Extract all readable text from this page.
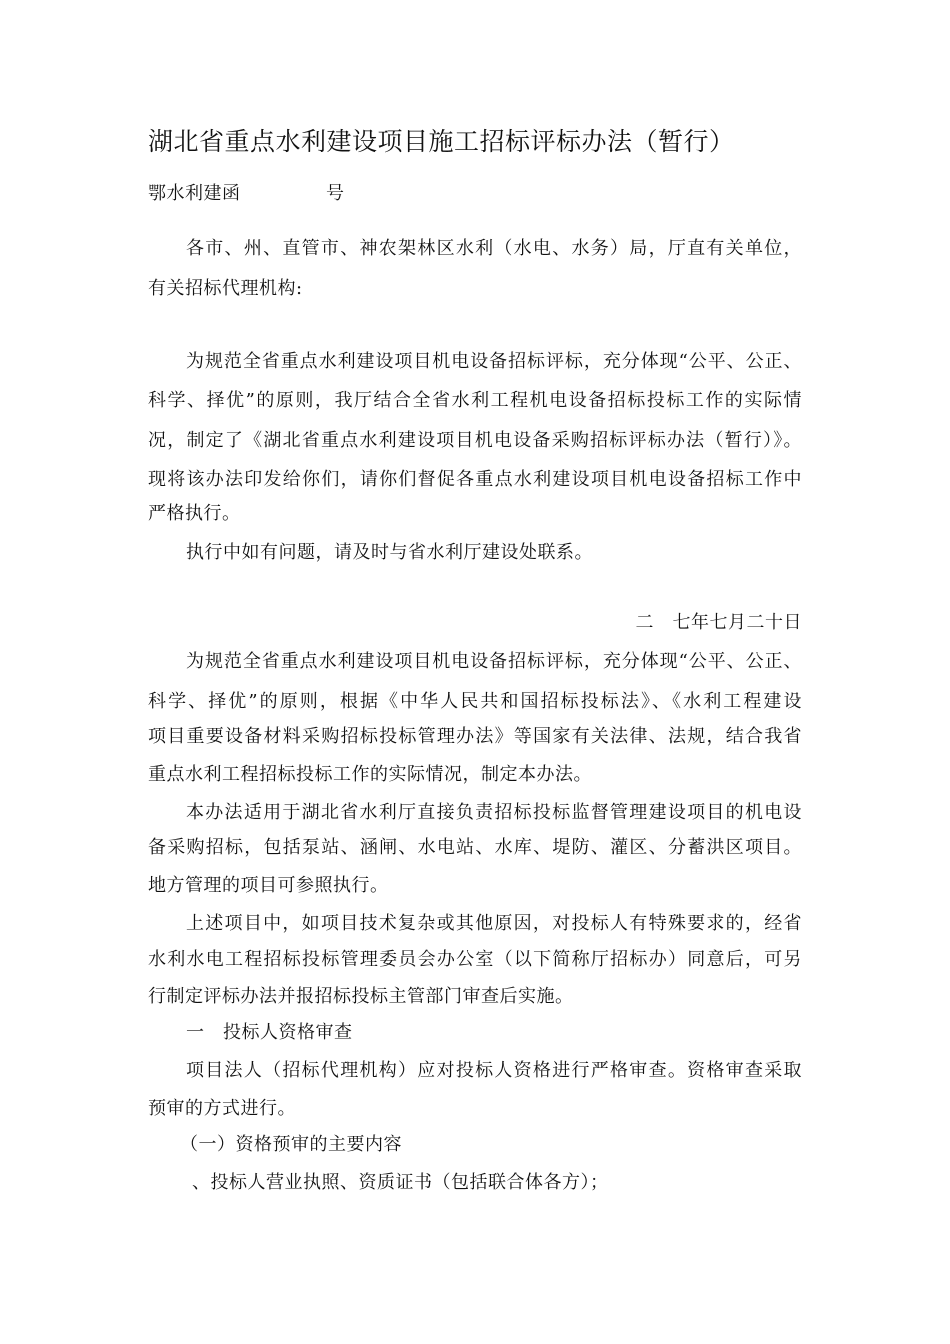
湖北省重点水利建设项目施工招标评标办法（暂行）
鄂水利建函	号

各市、州、直管市、神农架林区水利（水电、水务）局，厅直有关单位，

有关招标代理机构:

为规范全省重点水利建设项目机电设备招标评标，充分体现“公平、公正、

科学、择优”的原则，我厅结合全省水利工程机电设备招标投标工作的实际情

况，制定了《湖北省重点水利建设项目机电设备采购招标评标办法（暂行）》。

现将该办法印发给你们，请你们督促各重点水利建设项目机电设备招标工作中

严格执行。

执行中如有问题，请及时与省水利厅建设处联系。

二　七年七月二十日

为规范全省重点水利建设项目机电设备招标评标，充分体现“公平、公正、

科学、择优”的原则，根据《中华人民共和国招标投标法》、《水利工程建设

项目重要设备材料采购招标投标管理办法》等国家有关法律、法规，结合我省

重点水利工程招标投标工作的实际情况，制定本办法。

本办法适用于湖北省水利厅直接负责招标投标监督管理建设项目的机电设

备采购招标，包括泵站、涵闸、水电站、水库、堤防、灌区、分蓄洪区项目。

地方管理的项目可参照执行。

上述项目中，如项目技术复杂或其他原因，对投标人有特殊要求的，经省

水利水电工程招标投标管理委员会办公室（以下简称厅招标办）同意后，可另

行制定评标办法并报招标投标主管部门审查后实施。

一　投标人资格审查

项目法人（招标代理机构）应对投标人资格进行严格审查。资格审查采取

预审的方式进行。

（一）资格预审的主要内容

、投标人营业执照、资质证书（包括联合体各方）；
